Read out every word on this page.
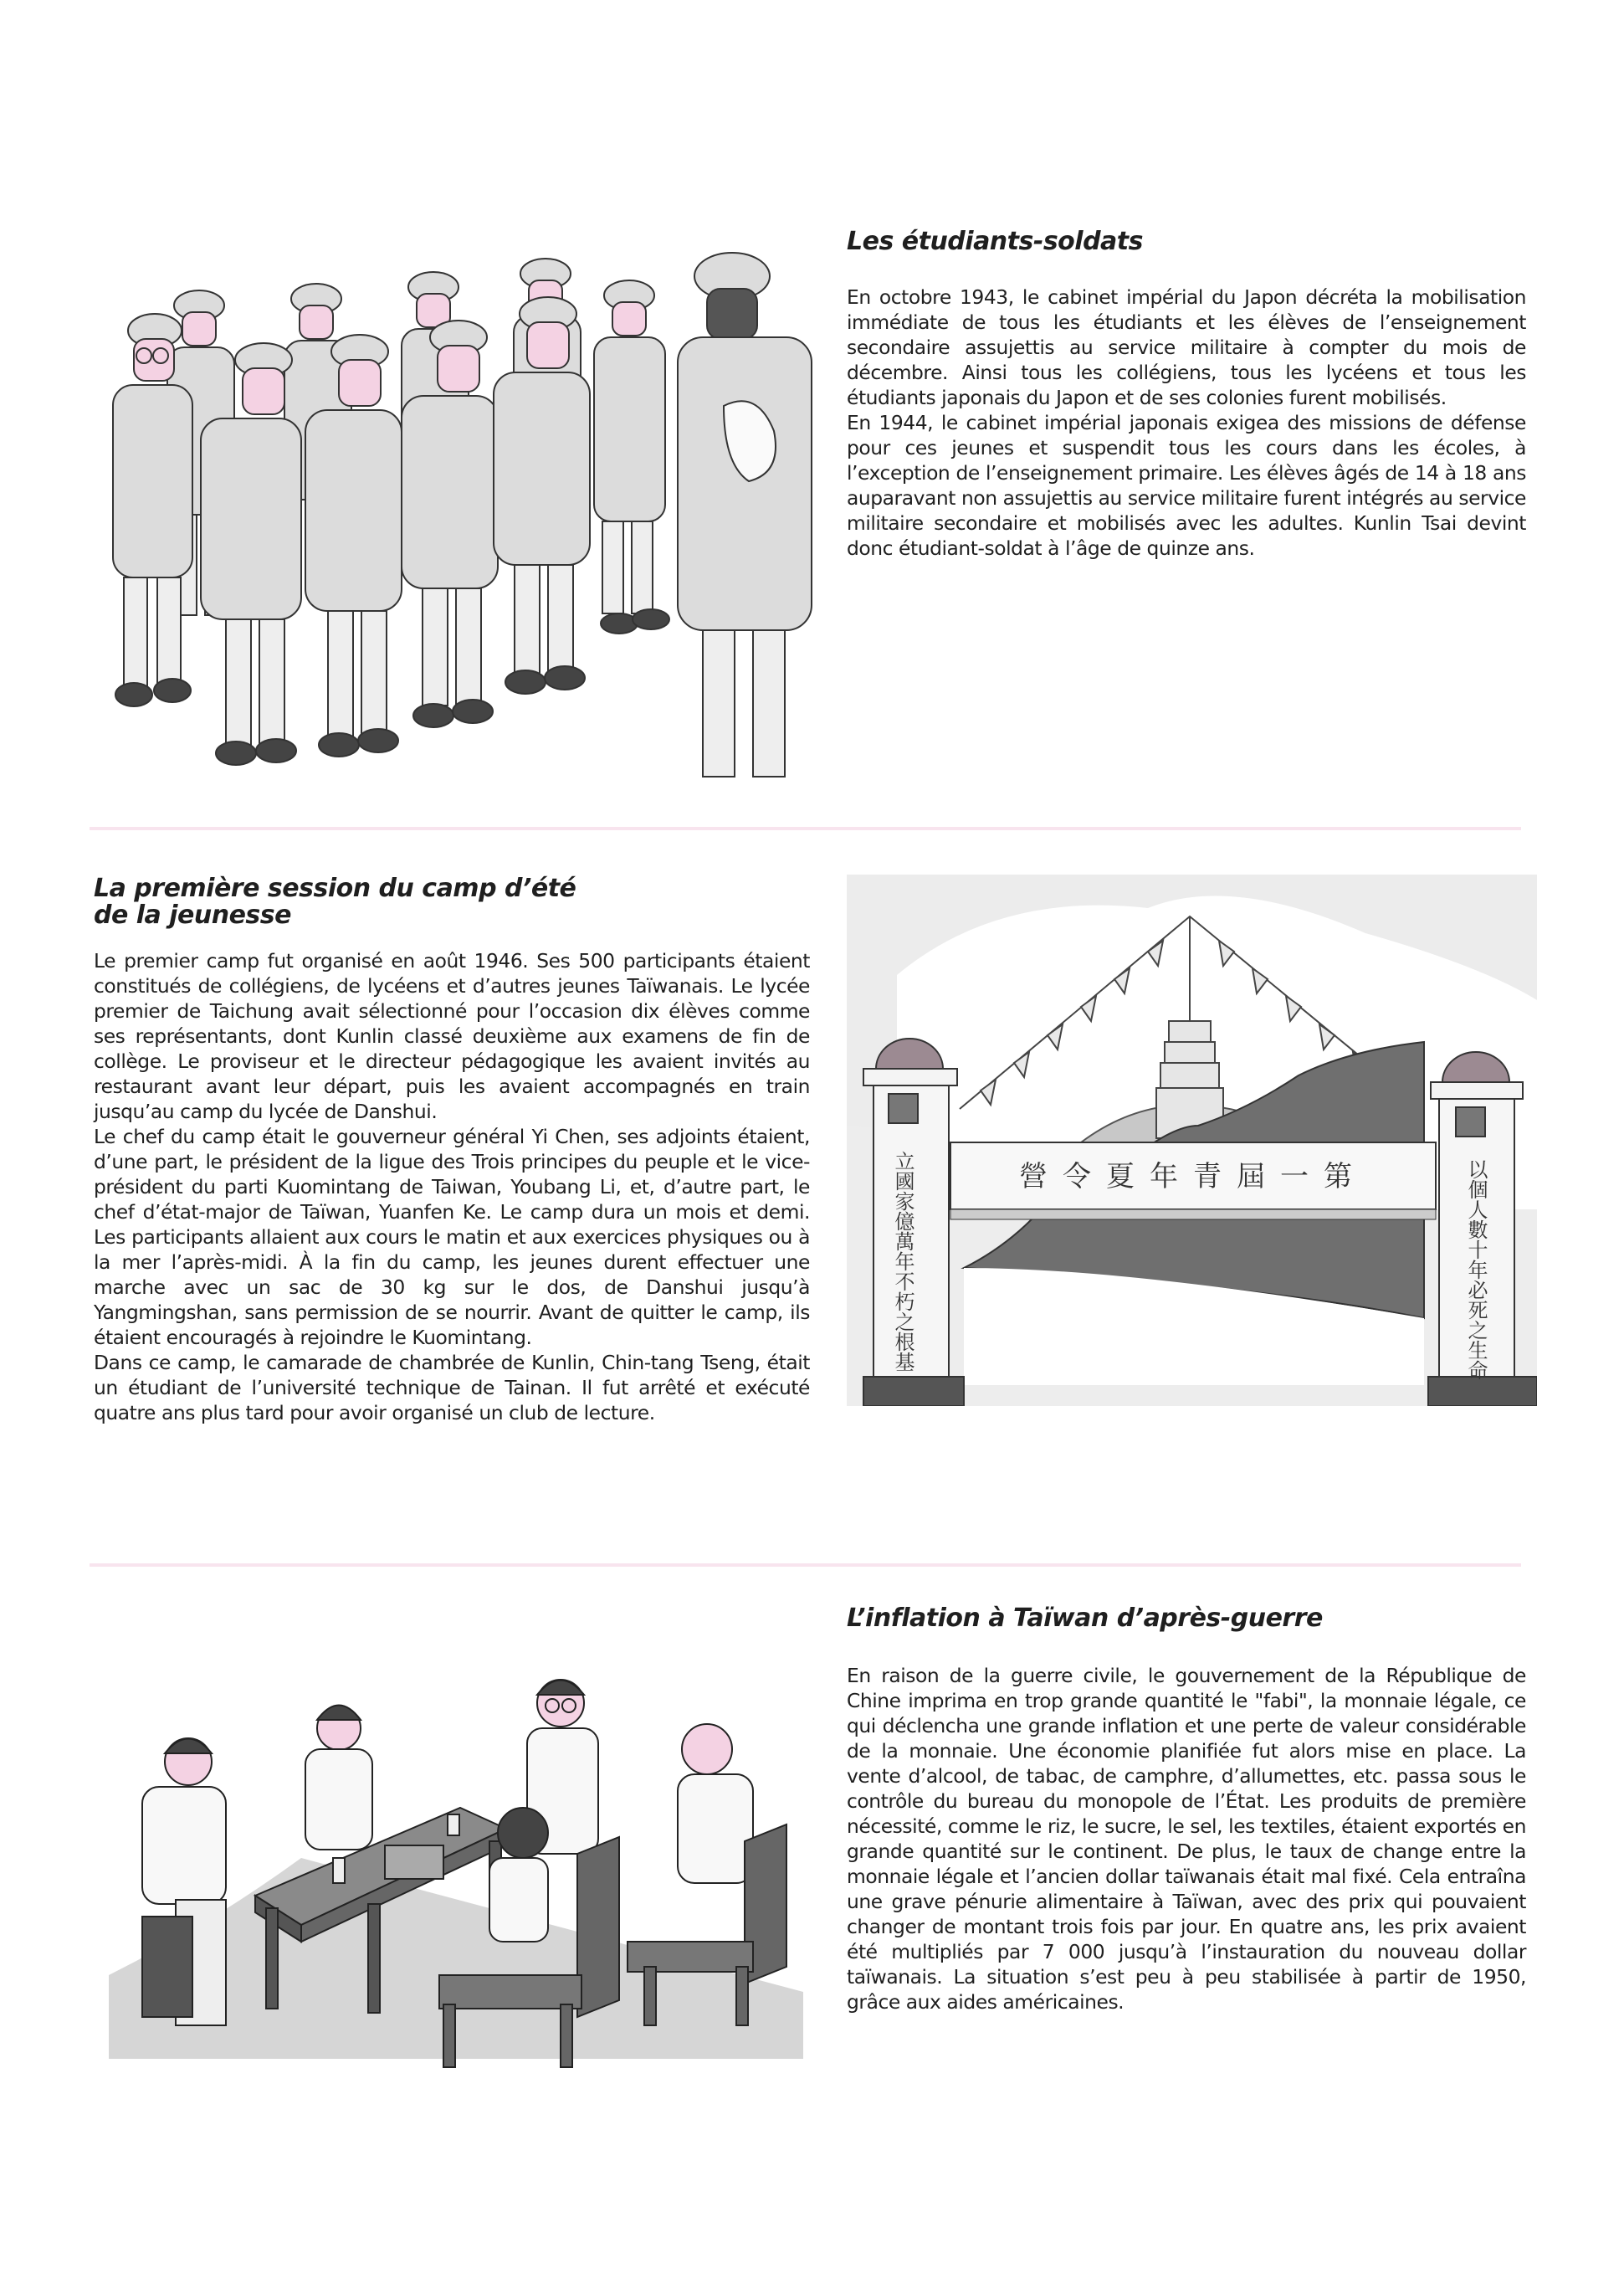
Les étudiants-soldats

En octobre 1943, le cabinet impérial du Japon décréta la mobilisation immédiate de tous les étudiants et les élèves de l’enseignement secondaire assujettis au service militaire à compter du mois de décembre. Ainsi tous les collégiens, tous les lycéens et tous les étudiants japonais du Japon et de ses colonies furent mobilisés.

En 1944, le cabinet impérial japonais exigea des missions de défense pour ces jeunes et suspendit tous les cours dans les écoles, à l’exception de l’enseignement primaire. Les élèves âgés de 14 à 18 ans auparavant non assujettis au service militaire furent intégrés au service militaire secondaire et mobilisés avec les adultes. Kunlin Tsai devint donc étudiant-soldat à l’âge de quinze ans.

La première session du camp d’été
de la jeunesse

Le premier camp fut organisé en août 1946. Ses 500 participants étaient constitués de collégiens, de lycéens et d’autres jeunes Taïwanais. Le lycée premier de Taichung avait sélectionné pour l’occasion dix élèves comme ses représentants, dont Kunlin classé deuxième aux examens de fin de collège. Le proviseur et le directeur pédagogique les avaient invités au restaurant avant leur départ, puis les avaient accompagnés en train jusqu’au camp du lycée de Danshui.

Le chef du camp était le gouverneur général Yi Chen, ses adjoints étaient, d’une part, le président de la ligue des Trois principes du peuple et le vice-président du parti Kuomintang de Taiwan, Youbang Li, et, d’autre part, le chef d’état-major de Taïwan, Yuanfen Ke. Le camp dura un mois et demi. Les participants allaient aux cours le matin et aux exercices physiques ou à la mer l’après-midi. À la fin du camp, les jeunes durent effectuer une marche avec un sac de 30 kg sur le dos, de Danshui jusqu’à Yangmingshan, sans permission de se nourrir. Avant de quitter le camp, ils étaient encouragés à rejoindre le Kuomintang.

Dans ce camp, le camarade de chambrée de Kunlin, Chin-tang Tseng, était un étudiant de l’université technique de Tainan. Il fut arrêté et exécuté quatre ans plus tard pour avoir organisé un club de lecture.

立國家億萬年不朽之根基	以個人數十年必死之生命
營令夏年青屆一第
L’inflation à Taïwan d’après-guerre

En raison de la guerre civile, le gouvernement de la République de Chine imprima en trop grande quantité le "fabi", la monnaie légale, ce qui déclencha une grande inflation et une perte de valeur considérable de la monnaie. Une économie planifiée fut alors mise en place. La vente d’alcool, de tabac, de camphre, d’allumettes, etc. passa sous le contrôle du bureau du monopole de l’État. Les produits de première nécessité, comme le riz, le sucre, le sel, les textiles, étaient exportés en grande quantité sur le continent. De plus, le taux de change entre la monnaie légale et l’ancien dollar taïwanais était mal fixé. Cela entraîna une grave pénurie alimentaire à Taïwan, avec des prix qui pouvaient changer de montant trois fois par jour. En quatre ans, les prix avaient été multipliés par 7 000 jusqu’à l’instauration du nouveau dollar taïwanais. La situation s’est peu à peu stabilisée à partir de 1950, grâce aux aides américaines.
